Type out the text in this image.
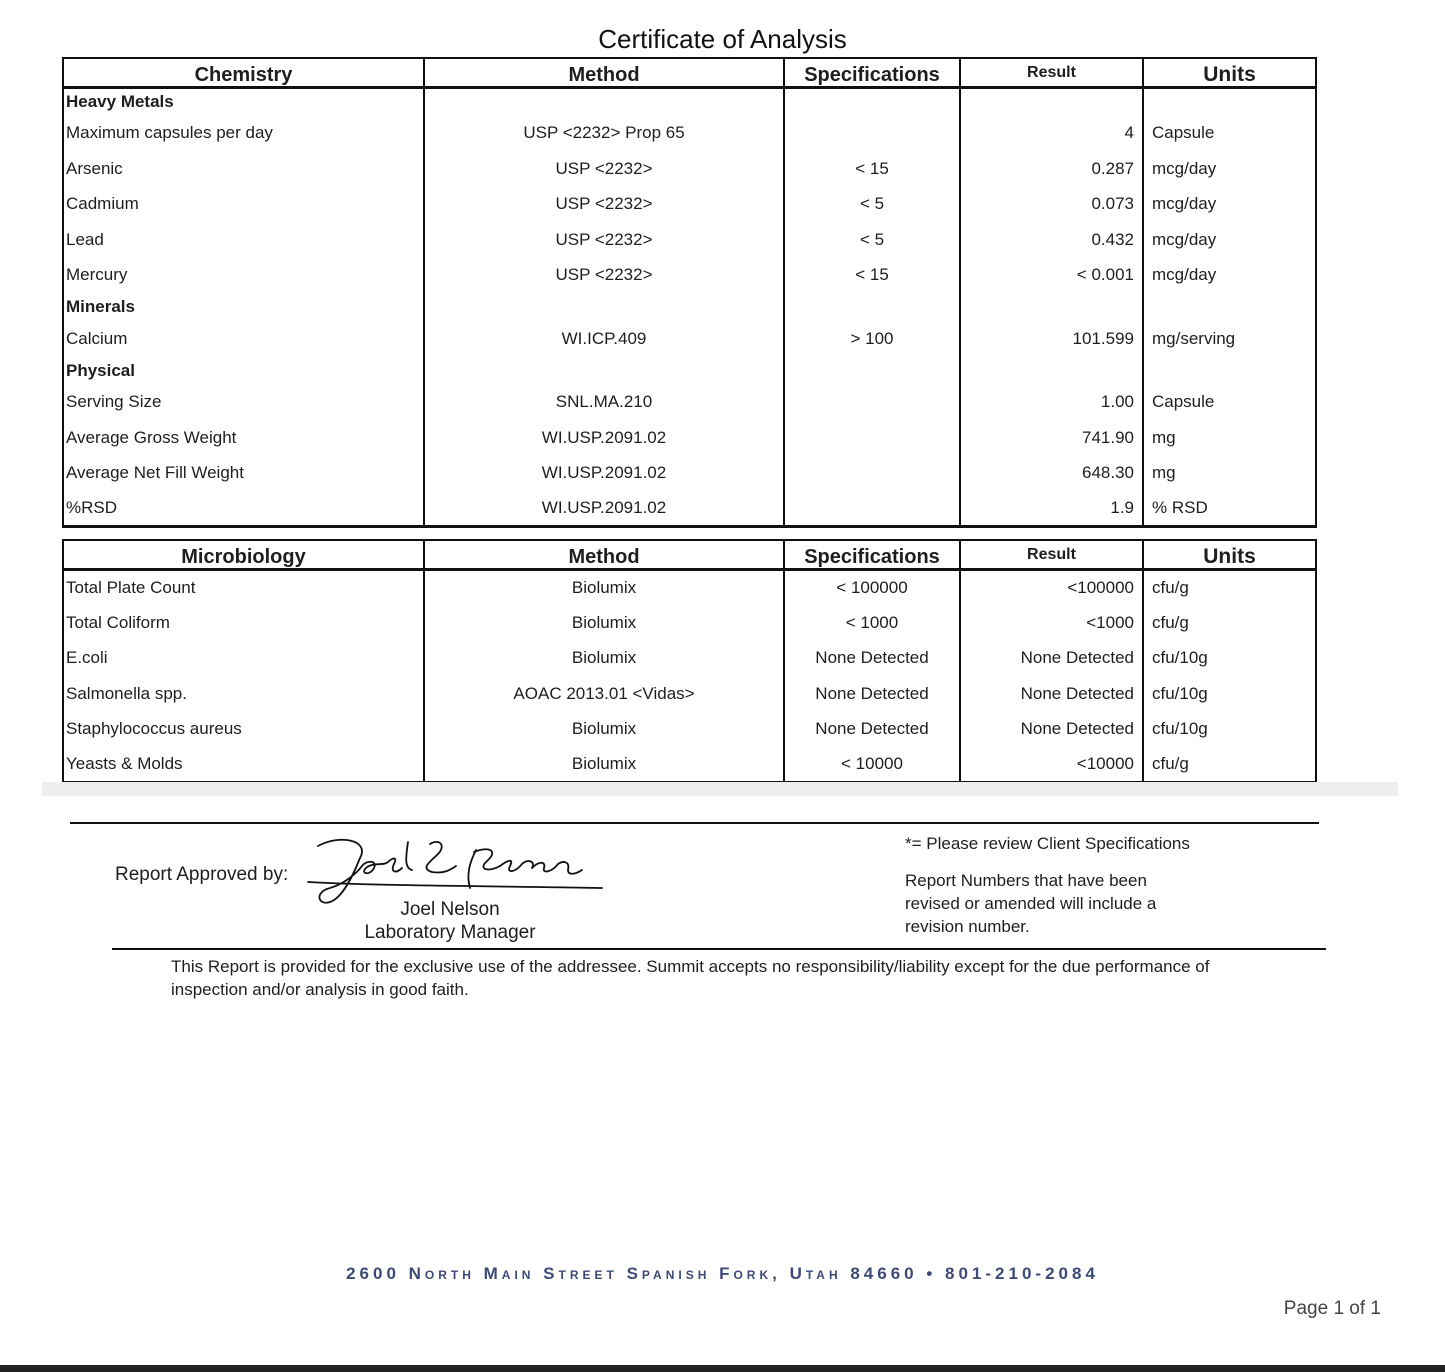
Certificate of Analysis
Chemistry	Method	Specifications	Result	Units
Heavy Metals				
Maximum capsules per day	USP <2232> Prop 65		4	Capsule
Arsenic	USP <2232>	< 15	0.287	mcg/day
Cadmium	USP <2232>	< 5	0.073	mcg/day
Lead	USP <2232>	< 5	0.432	mcg/day
Mercury	USP <2232>	< 15	< 0.001	mcg/day
Minerals				
Calcium	WI.ICP.409	> 100	101.599	mg/serving
Physical				
Serving Size	SNL.MA.210		1.00	Capsule
Average Gross Weight	WI.USP.2091.02		741.90	mg
Average Net Fill Weight	WI.USP.2091.02		648.30	mg
%RSD	WI.USP.2091.02		1.9	% RSD
Microbiology	Method	Specifications	Result	Units
Total Plate Count	Biolumix	< 100000	<100000	cfu/g
Total Coliform	Biolumix	< 1000	<1000	cfu/g
E.coli	Biolumix	None Detected	None Detected	cfu/10g
Salmonella spp.	AOAC 2013.01 <Vidas>	None Detected	None Detected	cfu/10g
Staphylococcus aureus	Biolumix	None Detected	None Detected	cfu/10g
Yeasts & Molds	Biolumix	< 10000	<10000	cfu/g
Report Approved by:
Joel Nelson
Laboratory Manager
*= Please review Client Specifications
Report Numbers that have been revised or amended will include a revision number.
This Report is provided for the exclusive use of the addressee. Summit accepts no responsibility/liability except for the due performance of inspection and/or analysis in good faith.
2600 North Main Street Spanish Fork, Utah 84660 • 801-210-2084
Page 1 of 1
